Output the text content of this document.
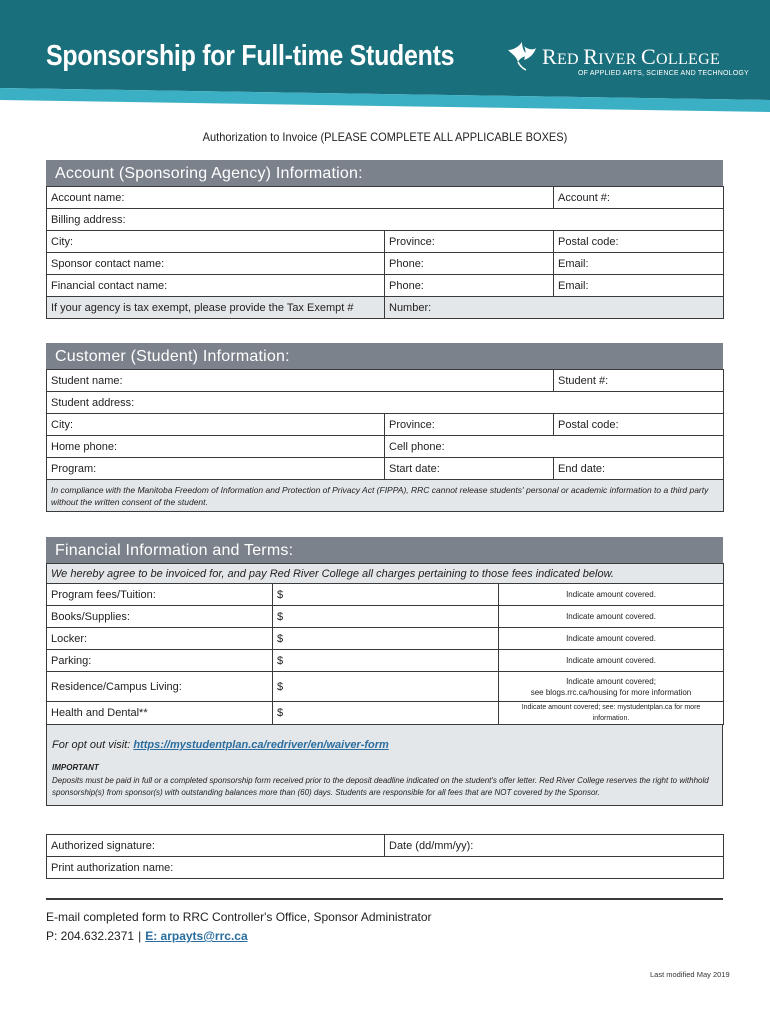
Sponsorship for Full-time Students	RED RIVER COLLEGE
OF APPLIED ARTS, SCIENCE AND TECHNOLOGY
Authorization to Invoice (PLEASE COMPLETE ALL APPLICABLE BOXES)
Account (Sponsoring Agency) Information:
Account name:		Account #:
Billing address:		
City:	Province:	Postal code:
Sponsor contact name:	Phone:	Email:
Financial contact name:	Phone:	Email:
If your agency is tax exempt, please provide the Tax Exempt #	Number:	
Customer (Student) Information:
Student name:		Student #:
Student address:		
City:	Province:	Postal code:
Home phone:	Cell phone:	
Program:	Start date:	End date:
In compliance with the Manitoba Freedom of Information and Protection of Privacy Act (FIPPA), RRC cannot release students' personal or academic information to a third party without the written consent of the student.		
Financial Information and Terms:
We hereby agree to be invoiced for, and pay Red River College all charges pertaining to those fees indicated below.		
Program fees/Tuition:	$	Indicate amount covered.
Books/Supplies:	$	Indicate amount covered.
Locker:	$	Indicate amount covered.
Parking:	$	Indicate amount covered.
Residence/Campus Living:	$	Indicate amount covered;
see blogs.rrc.ca/housing for more information
Health and Dental**	$	Indicate amount covered; see: mystudentplan.ca for more information.
For opt out visit: https://mystudentplan.ca/redriver/en/waiver-form
IMPORTANT
Deposits must be paid in full or a completed sponsorship form received prior to the deposit deadline indicated on the student's offer letter. Red River College reserves the right to withhold sponsorship(s) from sponsor(s) with outstanding balances more than (60) days. Students are responsible for all fees that are NOT covered by the Sponsor.
Authorized signature:	Date (dd/mm/yy):
Print authorization name:
E-mail completed form to RRC Controller's Office, Sponsor Administrator
P: 204.632.2371 | E: arpayts@rrc.ca
Last modified May 2019
